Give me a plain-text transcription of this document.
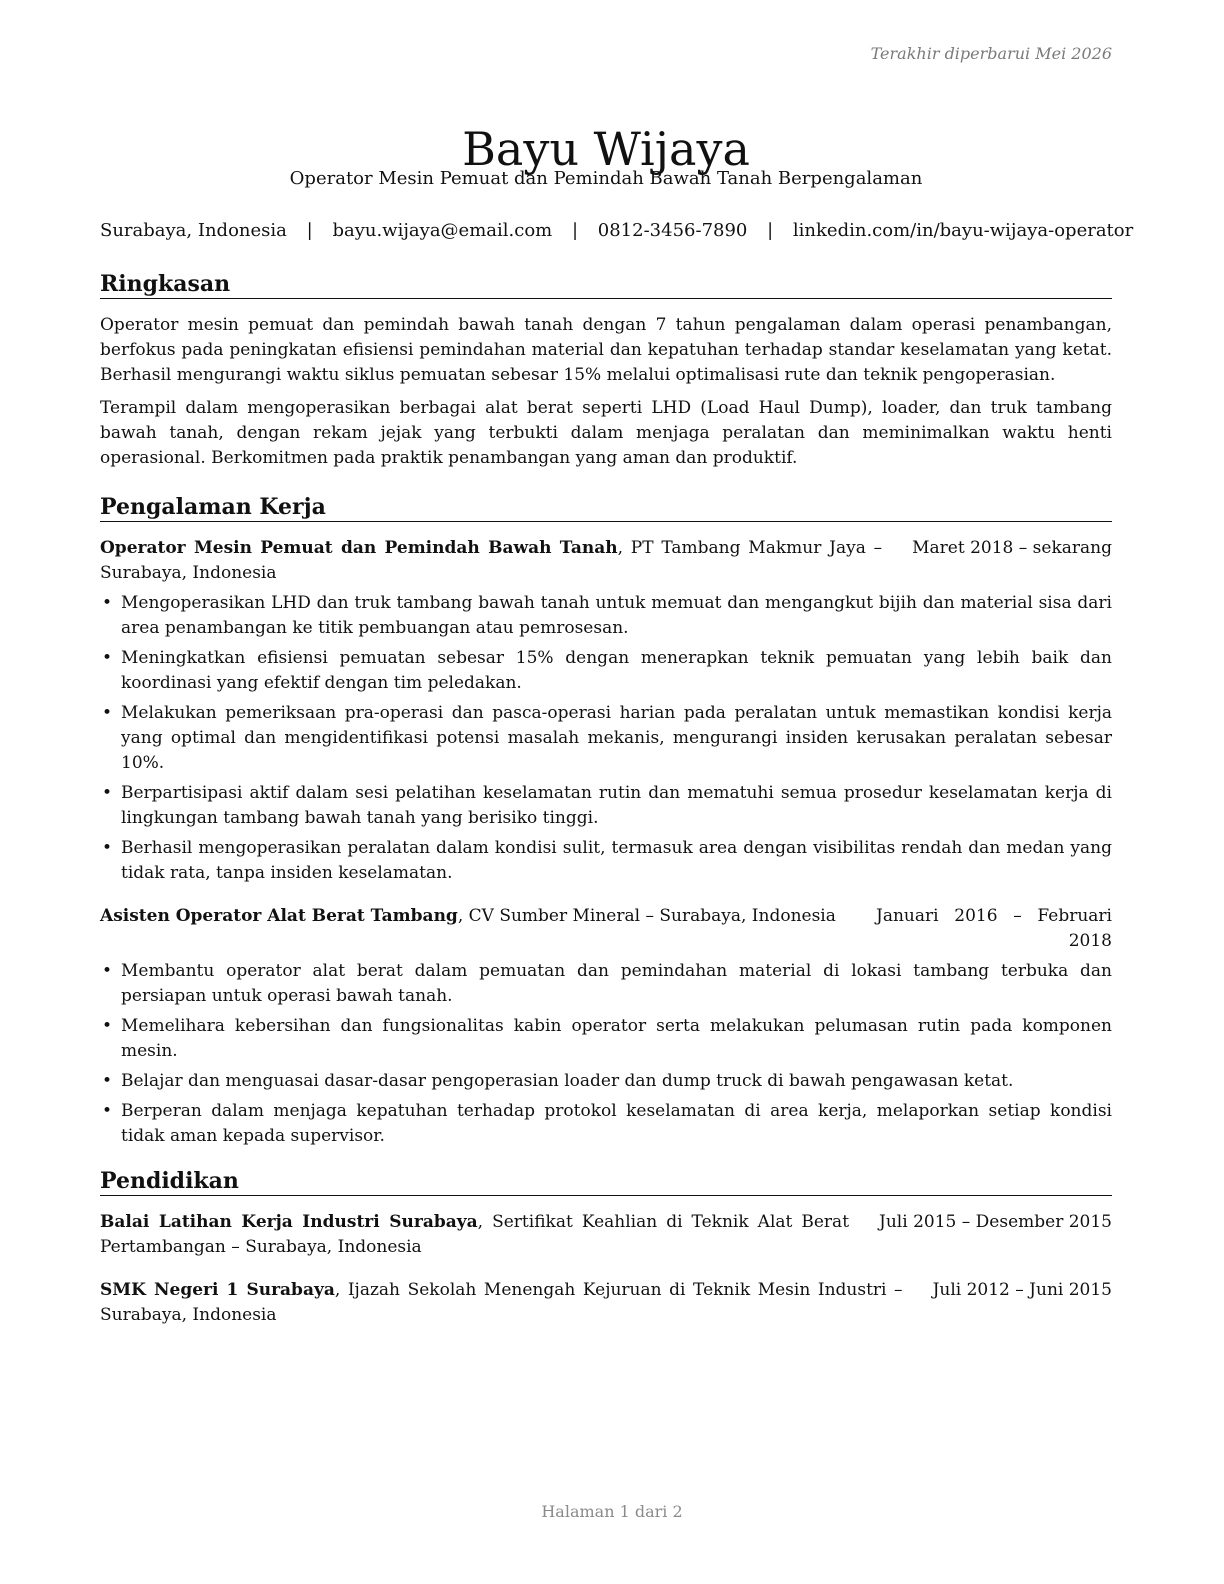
Terakhir diperbarui Mei 2026
Bayu Wijaya
Operator Mesin Pemuat dan Pemindah Bawah Tanah Berpengalaman
Surabaya, Indonesia | bayu.wijaya@email.com | 0812-3456-7890 | linkedin.com/in/bayu-wijaya-operator
Ringkasan

Operator mesin pemuat dan pemindah bawah tanah dengan 7 tahun pengalaman dalam operasi penambangan, berfokus pada peningkatan efisiensi pemindahan material dan kepatuhan terhadap standar keselamatan yang ketat. Berhasil mengurangi waktu siklus pemuatan sebesar 15% melalui optimalisasi rute dan teknik pengoperasian.

Terampil dalam mengoperasikan berbagai alat berat seperti LHD (Load Haul Dump), loader, dan truk tambang bawah tanah, dengan rekam jejak yang terbukti dalam menjaga peralatan dan meminimalkan waktu henti operasional. Berkomitmen pada praktik penambangan yang aman dan produktif.

Pengalaman Kerja
Operator Mesin Pemuat dan Pemindah Bawah Tanah, PT Tambang Makmur Jaya – Surabaya, Indonesia
Maret 2018 – sekarang
• Mengoperasikan LHD dan truk tambang bawah tanah untuk memuat dan mengangkut bijih dan material sisa dari area penambangan ke titik pembuangan atau pemrosesan.
• Meningkatkan efisiensi pemuatan sebesar 15% dengan menerapkan teknik pemuatan yang lebih baik dan koordinasi yang efektif dengan tim peledakan.
• Melakukan pemeriksaan pra-operasi dan pasca-operasi harian pada peralatan untuk memastikan kondisi kerja yang optimal dan mengidentifikasi potensi masalah mekanis, mengurangi insiden kerusakan peralatan sebesar 10%.
• Berpartisipasi aktif dalam sesi pelatihan keselamatan rutin dan mematuhi semua prosedur keselamatan kerja di lingkungan tambang bawah tanah yang berisiko tinggi.
• Berhasil mengoperasikan peralatan dalam kondisi sulit, termasuk area dengan visibilitas rendah dan medan yang tidak rata, tanpa insiden keselamatan.
Asisten Operator Alat Berat Tambang, CV Sumber Mineral – Surabaya, Indonesia	Januari 2016 – Februari 2018
• Membantu operator alat berat dalam pemuatan dan pemindahan material di lokasi tambang terbuka dan persiapan untuk operasi bawah tanah.
• Memelihara kebersihan dan fungsionalitas kabin operator serta melakukan pelumasan rutin pada komponen mesin.
• Belajar dan menguasai dasar-dasar pengoperasian loader dan dump truck di bawah pengawasan ketat.
• Berperan dalam menjaga kepatuhan terhadap protokol keselamatan di area kerja, melaporkan setiap kondisi tidak aman kepada supervisor.
Pendidikan
Balai Latihan Kerja Industri Surabaya, Sertifikat Keahlian di Teknik Alat Berat Pertambangan – Surabaya, Indonesia
Juli 2015 – Desember 2015
SMK Negeri 1 Surabaya, Ijazah Sekolah Menengah Kejuruan di Teknik Mesin Industri – Surabaya, Indonesia
Juli 2012 – Juni 2015
Halaman 1 dari 2
